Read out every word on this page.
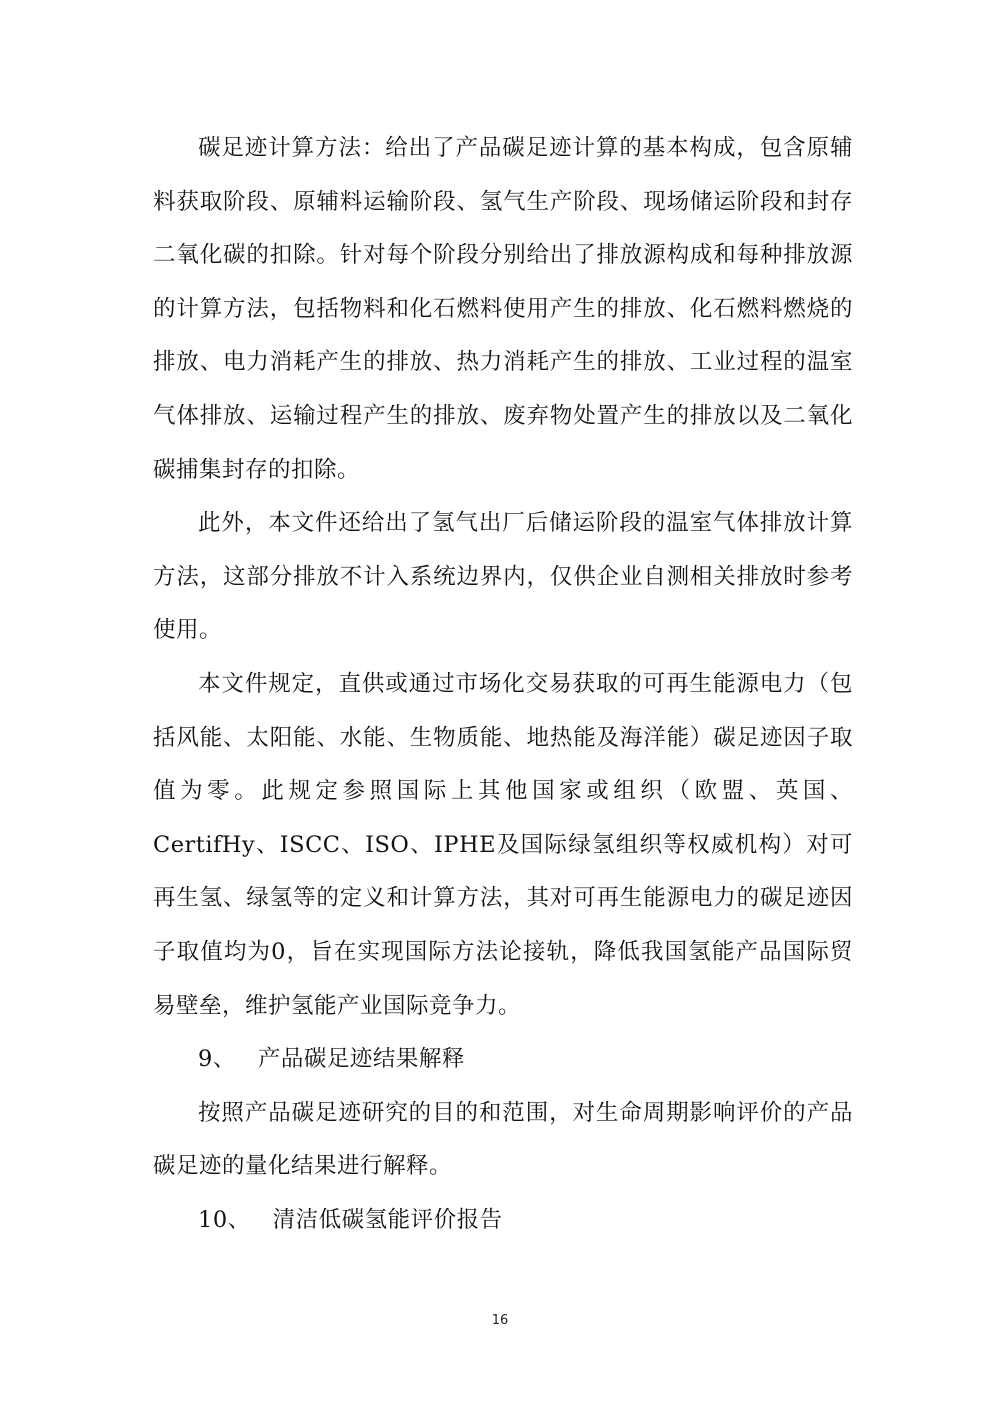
碳足迹计算方法：给出了产品碳足迹计算的基本构成，包含原辅料获取阶段、原辅料运输阶段、氢气生产阶段、现场储运阶段和封存二氧化碳的扣除。针对每个阶段分别给出了排放源构成和每种排放源的计算方法，包括物料和化石燃料使用产生的排放、化石燃料燃烧的排放、电力消耗产生的排放、热力消耗产生的排放、工业过程的温室气体排放、运输过程产生的排放、废弃物处置产生的排放以及二氧化碳捕集封存的扣除。

此外，本文件还给出了氢气出厂后储运阶段的温室气体排放计算方法，这部分排放不计入系统边界内，仅供企业自测相关排放时参考使用。

本文件规定，直供或通过市场化交易获取的可再生能源电力（包括风能、太阳能、水能、生物质能、地热能及海洋能）碳足迹因子取值为零。此规定参照国际上其他国家或组织（欧盟、英国、CertifHy、ISCC、ISO、IPHE及国际绿氢组织等权威机构）对可再生氢、绿氢等的定义和计算方法，其对可再生能源电力的碳足迹因子取值均为0，旨在实现国际方法论接轨，降低我国氢能产品国际贸易壁垒，维护氢能产业国际竞争力。

9、 产品碳足迹结果解释

按照产品碳足迹研究的目的和范围，对生命周期影响评价的产品碳足迹的量化结果进行解释。

10、 清洁低碳氢能评价报告

16
